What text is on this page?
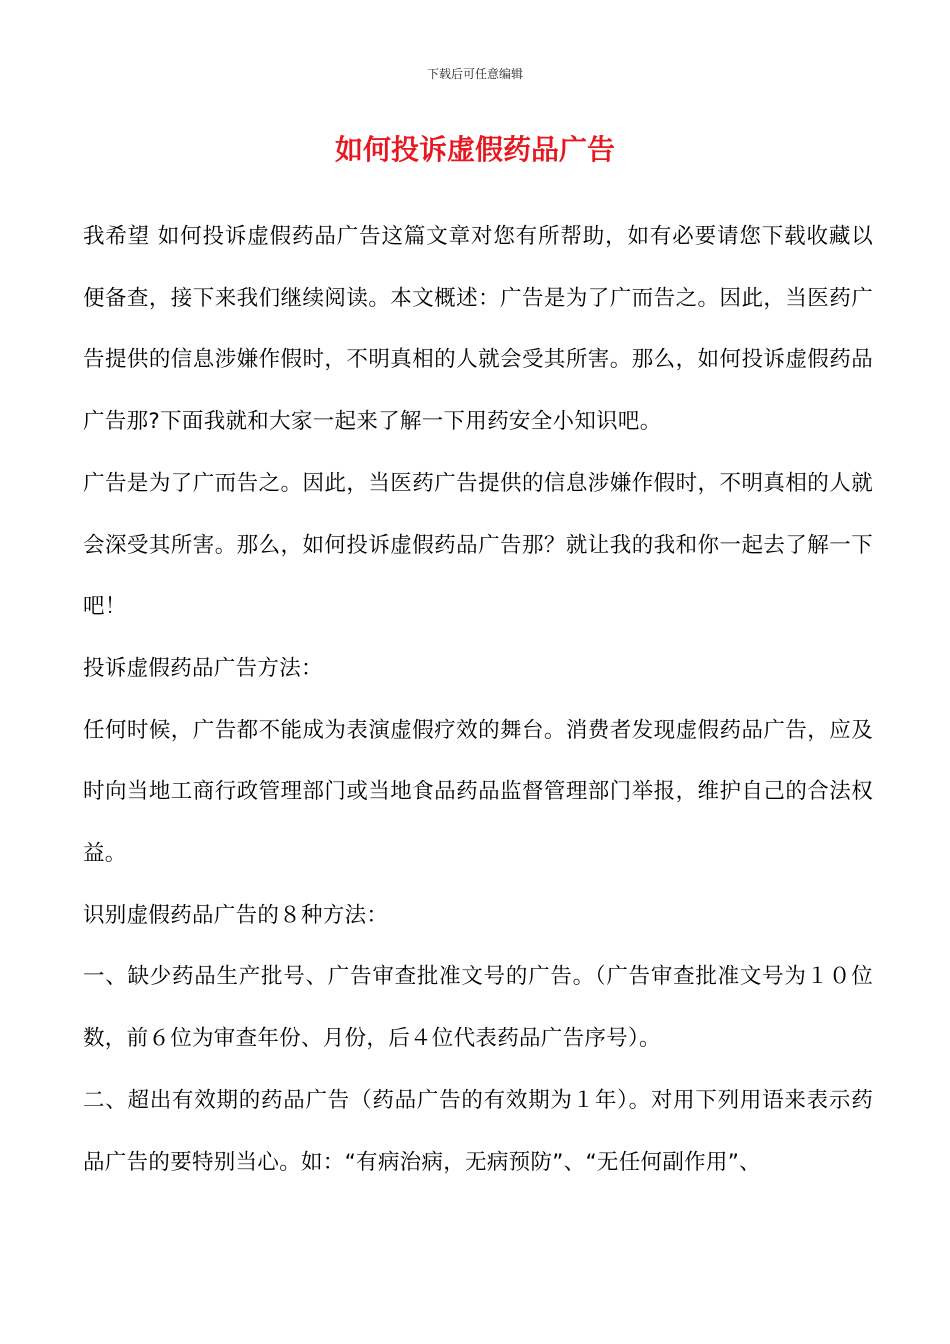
下载后可任意编辑
如何投诉虚假药品广告

我希望 如何投诉虚假药品广告这篇文章对您有所帮助，如有必要请您下载收藏以便备查，接下来我们继续阅读。本文概述：广告是为了广而告之。因此，当医药广告提供的信息涉嫌作假时，不明真相的人就会受其所害。那么，如何投诉虚假药品广告那?下面我就和大家一起来了解一下用药安全小知识吧。

广告是为了广而告之。因此，当医药广告提供的信息涉嫌作假时，不明真相的人就会深受其所害。那么，如何投诉虚假药品广告那？就让我的我和你一起去了解一下吧！

投诉虚假药品广告方法：

任何时候，广告都不能成为表演虚假疗效的舞台。消费者发现虚假药品广告，应及时向当地工商行政管理部门或当地食品药品监督管理部门举报，维护自己的合法权益。

识别虚假药品广告的８种方法：

一、缺少药品生产批号、广告审查批准文号的广告。（广告审查批准文号为１０位数，前６位为审查年份、月份，后４位代表药品广告序号）。

二、超出有效期的药品广告（药品广告的有效期为１年）。对用下列用语来表示药品广告的要特别当心。如：“有病治病，无病预防”、“无任何副作用”、
